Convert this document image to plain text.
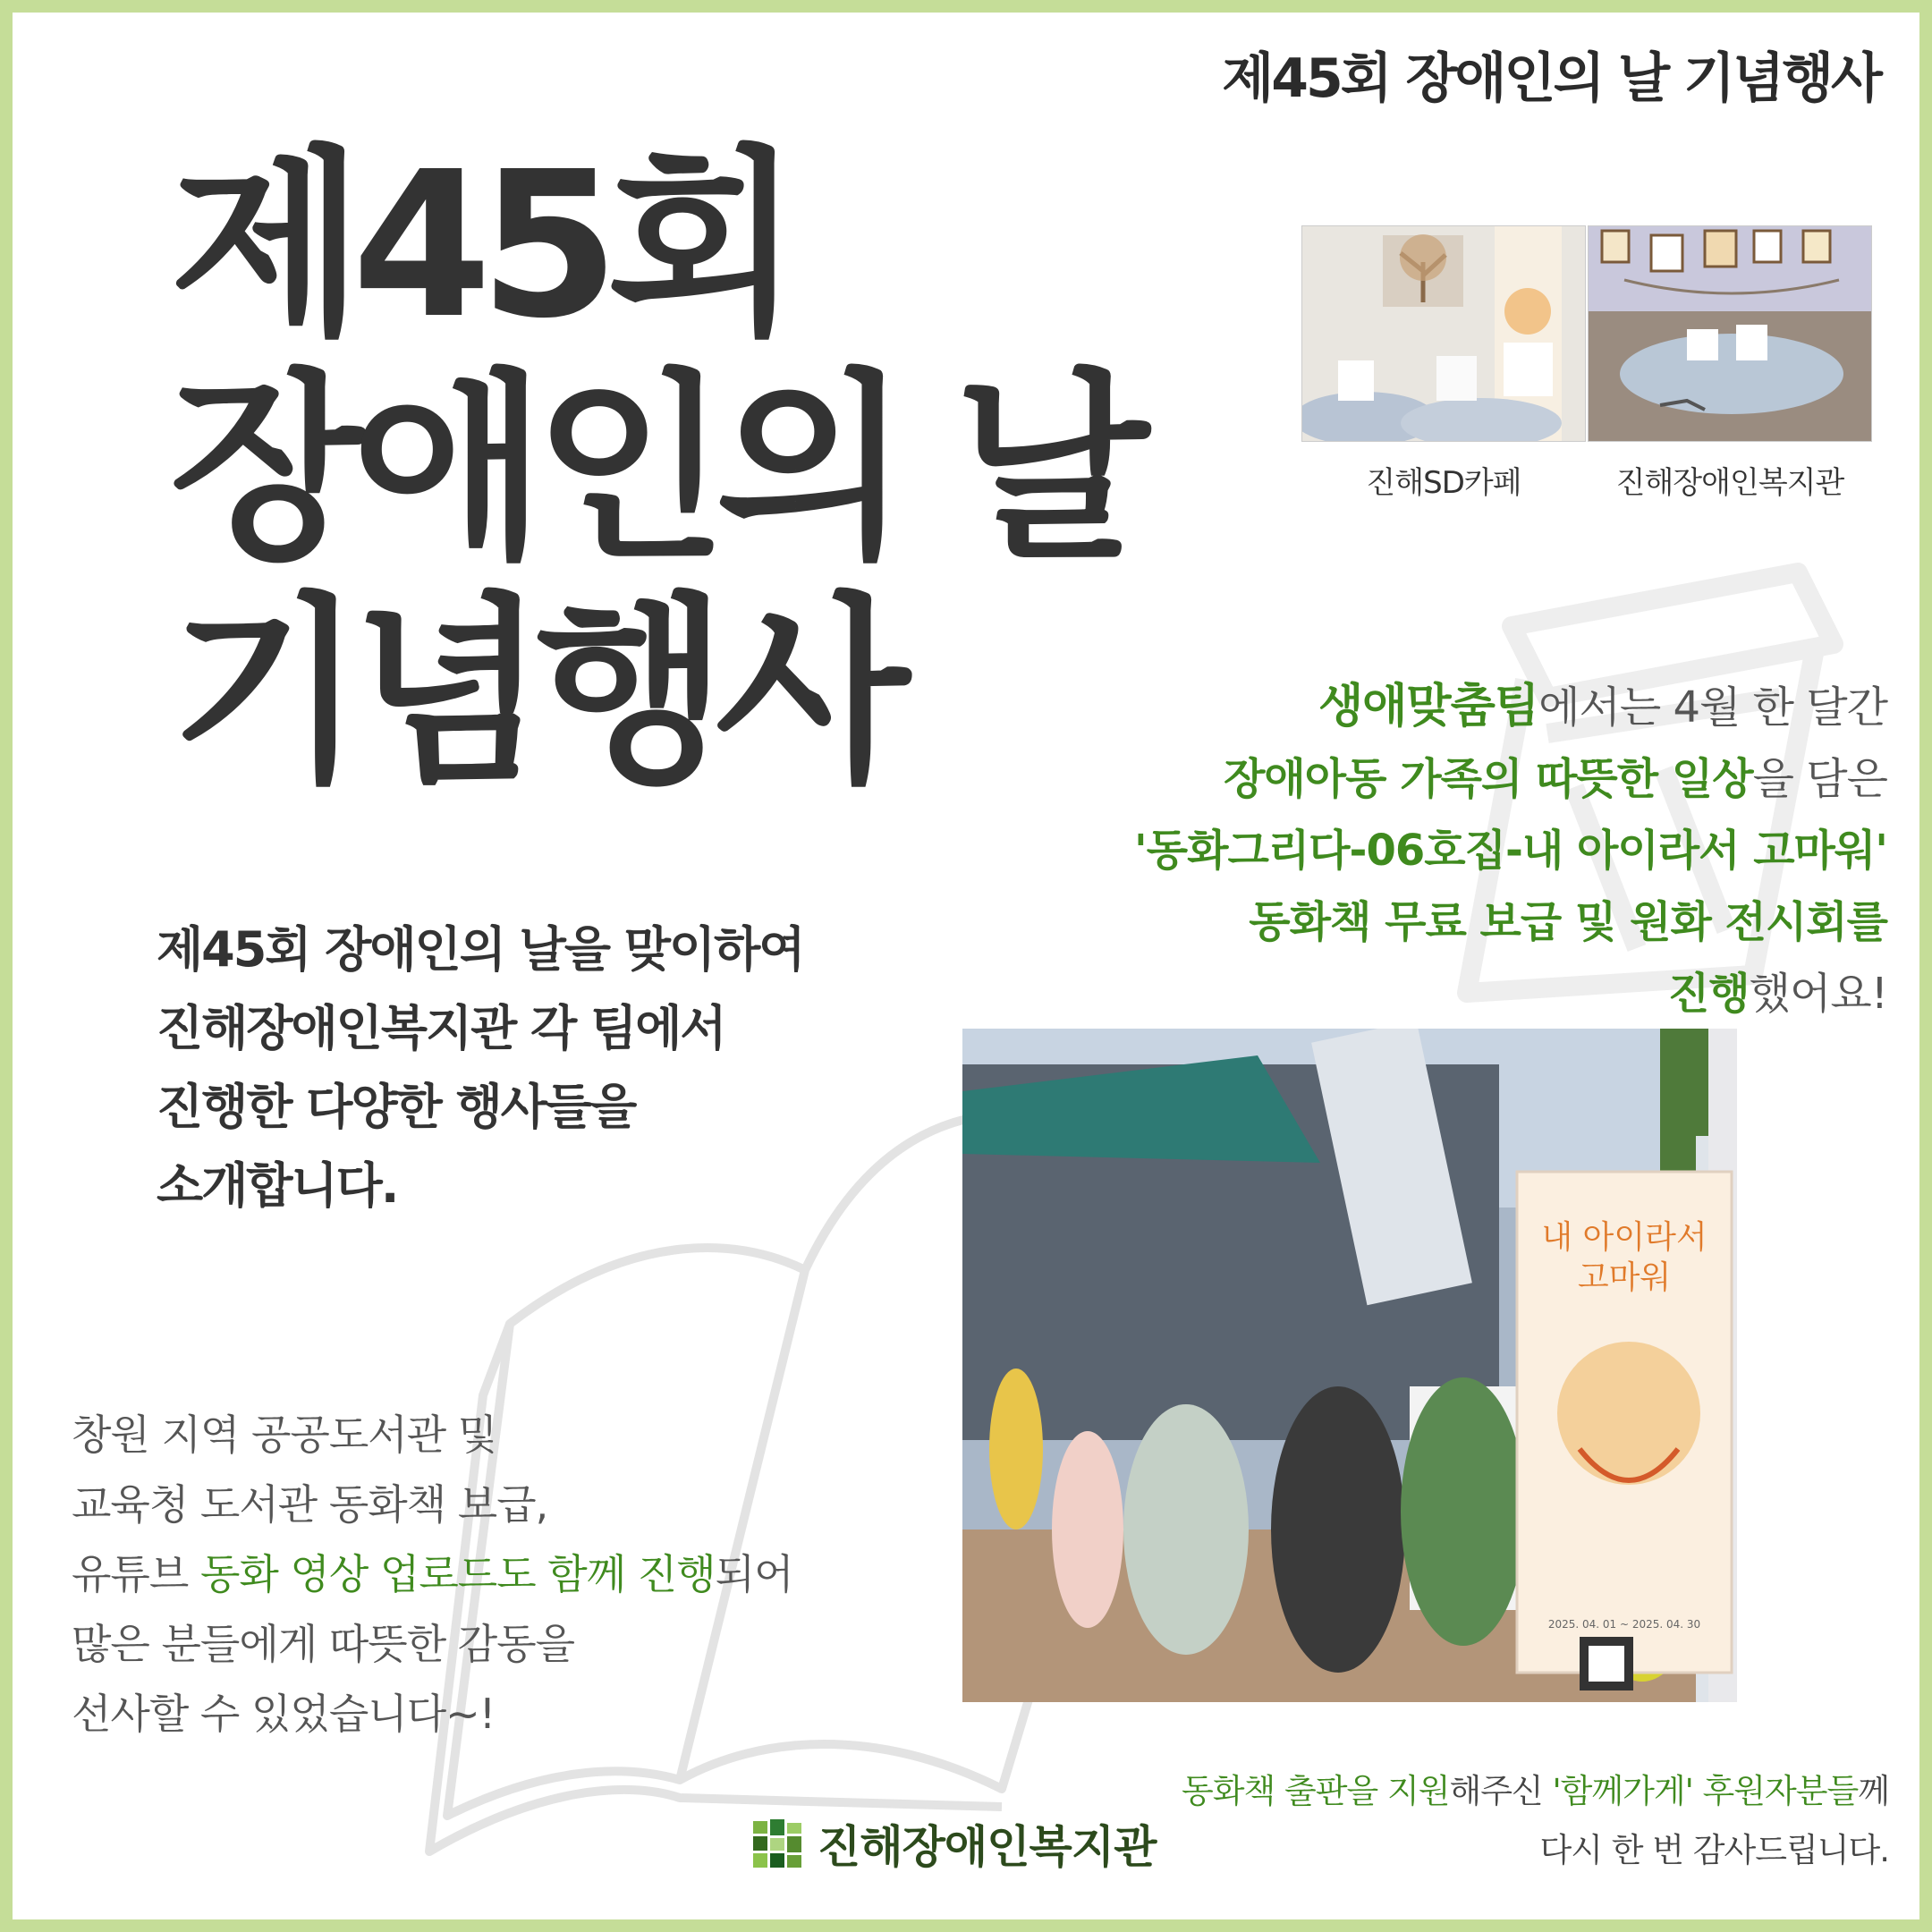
제45회 장애인의 날 기념행사
제45회
장애인의 날
기념행사
제45회 장애인의 날을 맞이하여
진해장애인복지관 각 팀에서
진행한 다양한 행사들을
소개합니다.
진해SD카페	진해장애인복지관
생애맞춤팀에서는 4월 한 달간
장애아동 가족의 따뜻한 일상을 담은
'동화그리다-06호집-내 아이라서 고마워'
동화책 무료 보급 및 원화 전시회를
진행했어요!
내 아이라서
고마워
2025. 04. 01 ~ 2025. 04. 30
창원 지역 공공도서관 및
교육청 도서관 동화책 보급,
유튜브 동화 영상 업로드도 함께 진행되어
많은 분들에게 따뜻한 감동을
선사할 수 있었습니다~!
동화책 출판을 지원해주신 '함께가게' 후원자분들께
다시 한 번 감사드립니다.
진해장애인복지관
